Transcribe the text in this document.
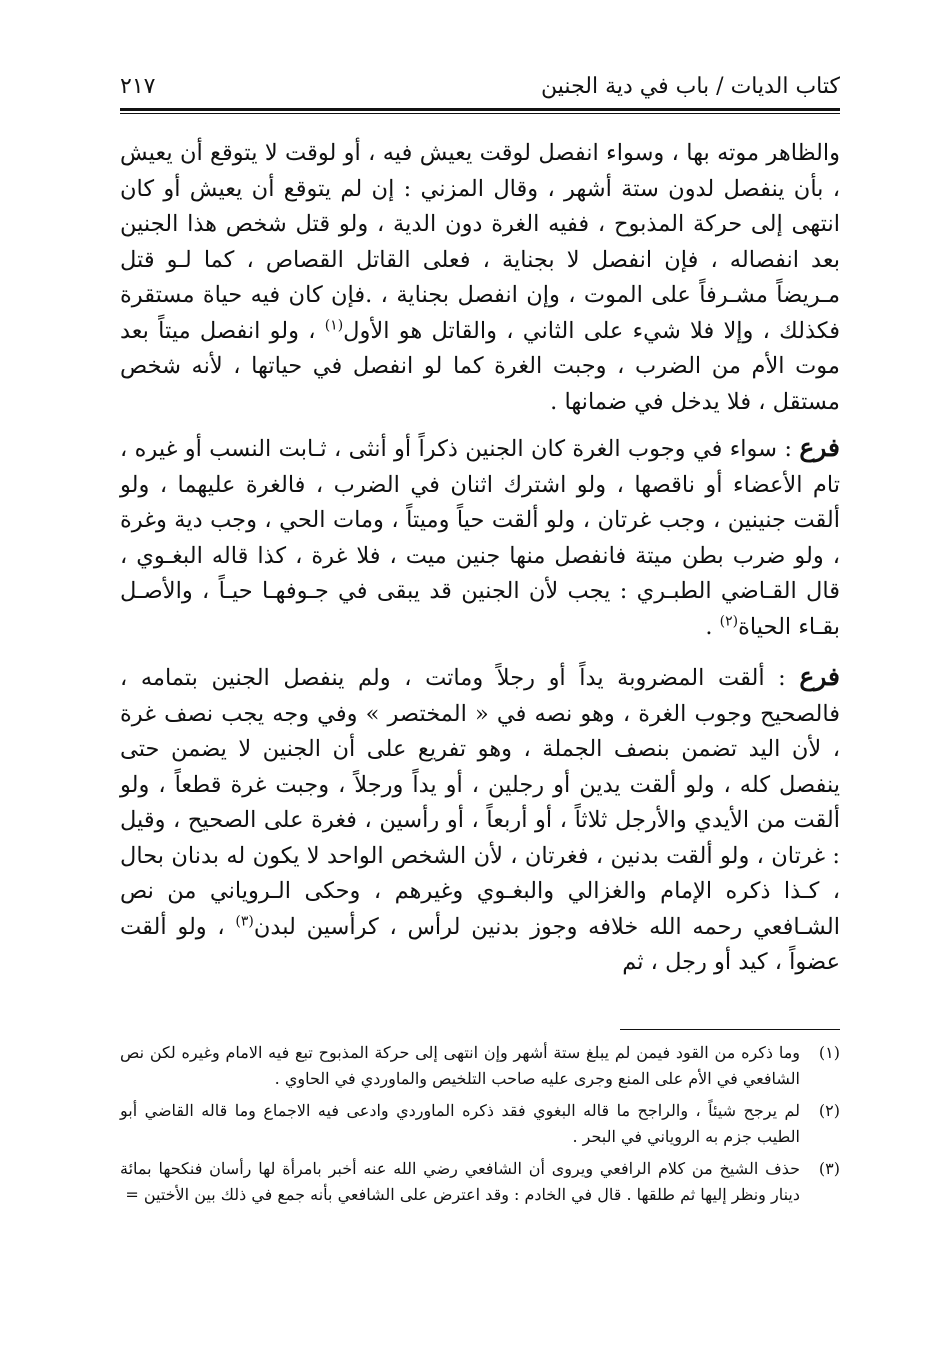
كتاب الديات / باب في دية الجنين
٢١٧

والظاهر موته بها ، وسواء انفصل لوقت يعيش فيه ، أو لوقت لا يتوقع أن يعيش ، بأن ينفصل لدون ستة أشهر ، وقال المزني : إن لم يتوقع أن يعيش أو كان انتهى إلى حركة المذبوح ، ففيه الغرة دون الدية ، ولو قتل شخص هذا الجنين بعد انفصاله ، فإن انفصل لا بجناية ، فعلى القاتل القصاص ، كما لـو قتل مـريضاً مشـرفاً على الموت ، وإن انفصل بجناية ، .فإن كان فيه حياة مستقرة فكذلك ، وإلا فلا شيء على الثاني ، والقاتل هو الأول$^{(١)}$ ، ولو انفصل ميتاً بعد موت الأم من الضرب ، وجبت الغرة كما لو انفصل في حياتها ، لأنه شخص مستقل ، فلا يدخل في ضمانها .

فرع : سواء في وجوب الغرة كان الجنين ذكراً أو أنثى ، ثـابت النسب أو غيره ، تام الأعضاء أو ناقصها ، ولو اشترك اثنان في الضرب ، فالغرة عليهما ، ولو ألقت جنينين ، وجب غرتان ، ولو ألقت حياً وميتاً ، ومات الحي ، وجب دية وغرة ، ولو ضرب بطن ميتة فانفصل منها جنين ميت ، فلا غرة ، كذا قاله البغـوي ، قال القـاضي الطبـري : يجب لأن الجنين قد يبقى في جـوفهـا حيـاً ، والأصـل بقـاء الحياة$^{(٢)}$ .

فرع : ألقت المضروبة يداً أو رجلاً وماتت ، ولم ينفصل الجنين بتمامه ، فالصحيح وجوب الغرة ، وهو نصه في « المختصر » وفي وجه يجب نصف غرة ، لأن اليد تضمن بنصف الجملة ، وهو تفريع على أن الجنين لا يضمن حتى ينفصل كله ، ولو ألقت يدين أو رجلين ، أو يداً ورجلاً ، وجبت غرة قطعاً ، ولو ألقت من الأيدي والأرجل ثلاثاً ، أو أربعاً ، أو رأسين ، فغرة على الصحيح ، وقيل : غرتان ، ولو ألقت بدنين ، فغرتان ، لأن الشخص الواحد لا يكون له بدنان بحال ، كـذا ذكره الإمام والغزالي والبغـوي وغيرهم ، وحكى الـروياني من نص الشـافعي رحمه الله خلافه وجوز بدنين لرأس ، كرأسين لبدن$^{(٣)}$ ، ولو ألقت عضواً ، كيد أو رجل ، ثم

(١)
وما ذكره من القود فيمن لم يبلغ ستة أشهر وإن انتهى إلى حركة المذبوح تبع فيه الامام وغيره لكن نص الشافعي في الأم على المنع وجرى عليه صاحب التلخيص والماوردي في الحاوي .
(٢)
لم يرجح شيئاً ، والراجح ما قاله البغوي فقد ذكره الماوردي وادعى فيه الاجماع وما قاله القاضي أبو الطيب جزم به الروياني في البحر .
(٣)
حذف الشيخ من كلام الرافعي ويروى أن الشافعي رضي الله عنه أخبر بامرأة لها رأسان فنكحها بمائة دينار ونظر إليها ثم طلقها . قال في الخادم : وقد اعترض على الشافعي بأنه جمع في ذلك بين الأختين =
